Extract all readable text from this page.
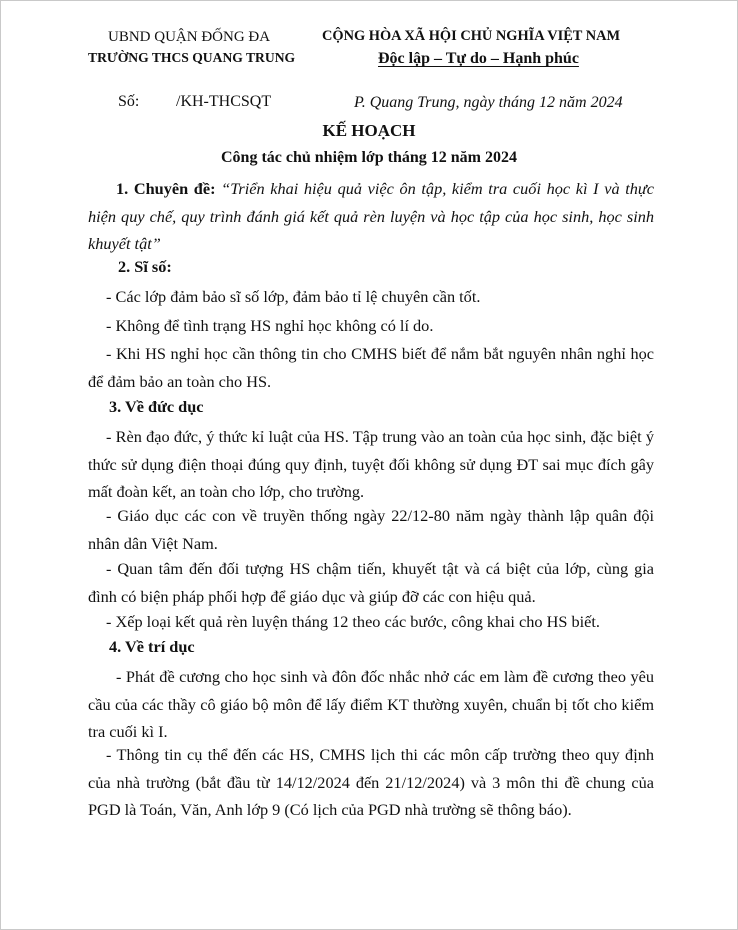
UBND QUẬN ĐỐNG ĐA
TRƯỜNG THCS QUANG TRUNG
CỘNG HÒA XÃ HỘI CHỦ NGHĨA VIỆT NAM
Độc lập – Tự do – Hạnh phúc
Số: /KH-THCSQT	P. Quang Trung, ngày tháng 12 năm 2024
KẾ HOẠCH
Công tác chủ nhiệm lớp tháng 12 năm 2024
1. Chuyên đề: “Triển khai hiệu quả việc ôn tập, kiểm tra cuối học kì I và thực hiện quy chế, quy trình đánh giá kết quả rèn luyện và học tập của học sinh, học sinh khuyết tật”
2. Sĩ số:
- Các lớp đảm bảo sĩ số lớp, đảm bảo tỉ lệ chuyên cần tốt.
- Không để tình trạng HS nghỉ học không có lí do.
- Khi HS nghỉ học cần thông tin cho CMHS biết để nắm bắt nguyên nhân nghỉ học để đảm bảo an toàn cho HS.
3. Về đức dục
- Rèn đạo đức, ý thức kỉ luật của HS. Tập trung vào an toàn của học sinh, đặc biệt ý thức sử dụng điện thoại đúng quy định, tuyệt đối không sử dụng ĐT sai mục đích gây mất đoàn kết, an toàn cho lớp, cho trường.
- Giáo dục các con về truyền thống ngày 22/12-80 năm ngày thành lập quân đội nhân dân Việt Nam.
- Quan tâm đến đối tượng HS chậm tiến, khuyết tật và cá biệt của lớp, cùng gia đình có biện pháp phối hợp để giáo dục và giúp đỡ các con hiệu quả.
- Xếp loại kết quả rèn luyện tháng 12 theo các bước, công khai cho HS biết.
4. Về trí dục
- Phát đề cương cho học sinh và đôn đốc nhắc nhở các em làm đề cương theo yêu cầu của các thầy cô giáo bộ môn để lấy điểm KT thường xuyên, chuẩn bị tốt cho kiểm tra cuối kì I.
- Thông tin cụ thể đến các HS, CMHS lịch thi các môn cấp trường theo quy định của nhà trường (bắt đầu từ 14/12/2024 đến 21/12/2024) và 3 môn thi đề chung của PGD là Toán, Văn, Anh lớp 9 (Có lịch của PGD nhà trường sẽ thông báo).
